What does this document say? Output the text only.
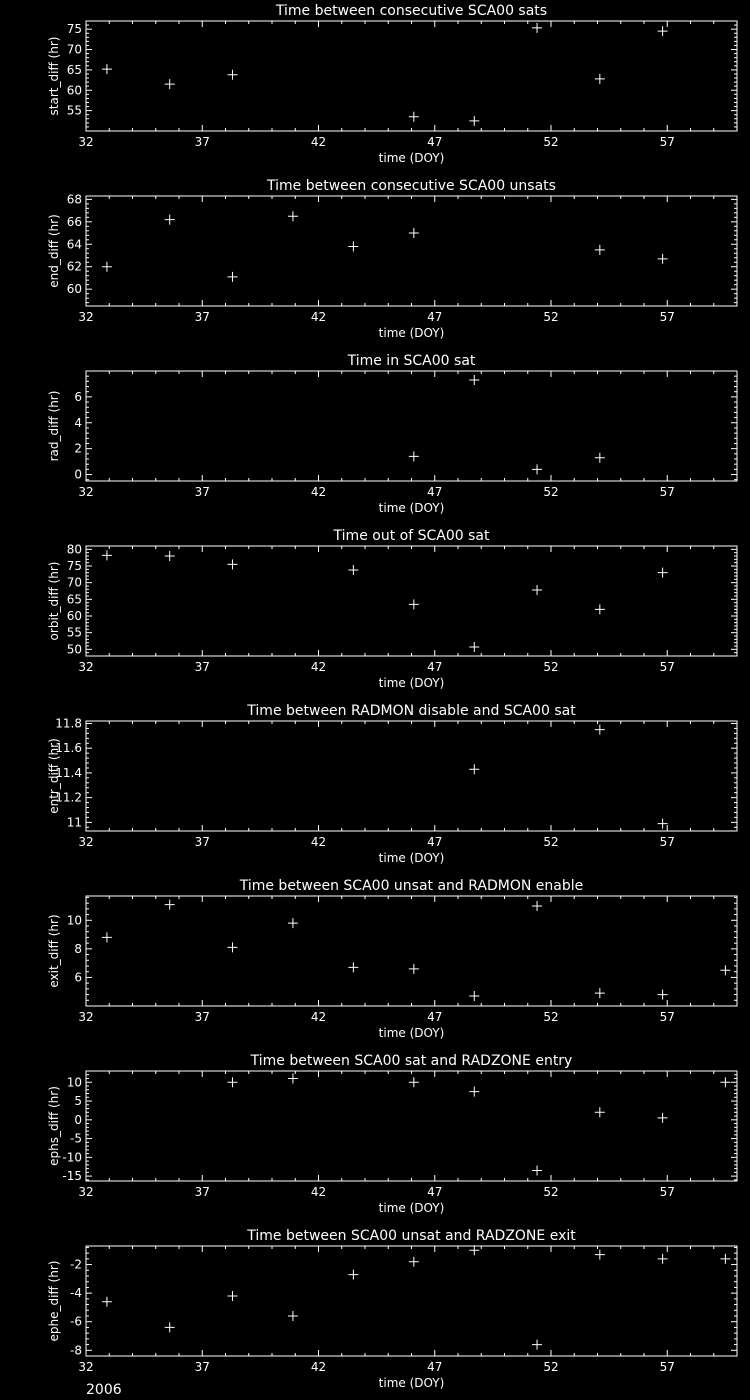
Time between consecutive SCA00 sats
32	37	42	47	52	57
55
60
65
70
75
time (DOY)
start_diff (hr)
Time between consecutive SCA00 unsats
32	37	42	47	52	57
60
62
64
66
68
time (DOY)
end_diff (hr)
Time in SCA00 sat
32	37	42	47	52	57
0
2
4
6
time (DOY)
rad_diff (hr)
Time out of SCA00 sat
32	37	42	47	52	57
50
55
60
65
70
75
80
time (DOY)
orbit_diff (hr)
Time between RADMON disable and SCA00 sat
32	37	42	47	52	57
11
11.2
11.4
11.6
11.8
time (DOY)
entr_diff (hr)
Time between SCA00 unsat and RADMON enable
32	37	42	47	52	57
6
8
10
time (DOY)
exit_diff (hr)
Time between SCA00 sat and RADZONE entry
32	37	42	47	52	57
-15
-10
-5
0
5
10
time (DOY)
ephs_diff (hr)
Time between SCA00 unsat and RADZONE exit
32	37	42	47	52	57
-8
-6
-4
-2
time (DOY)
ephe_diff (hr)
2006
